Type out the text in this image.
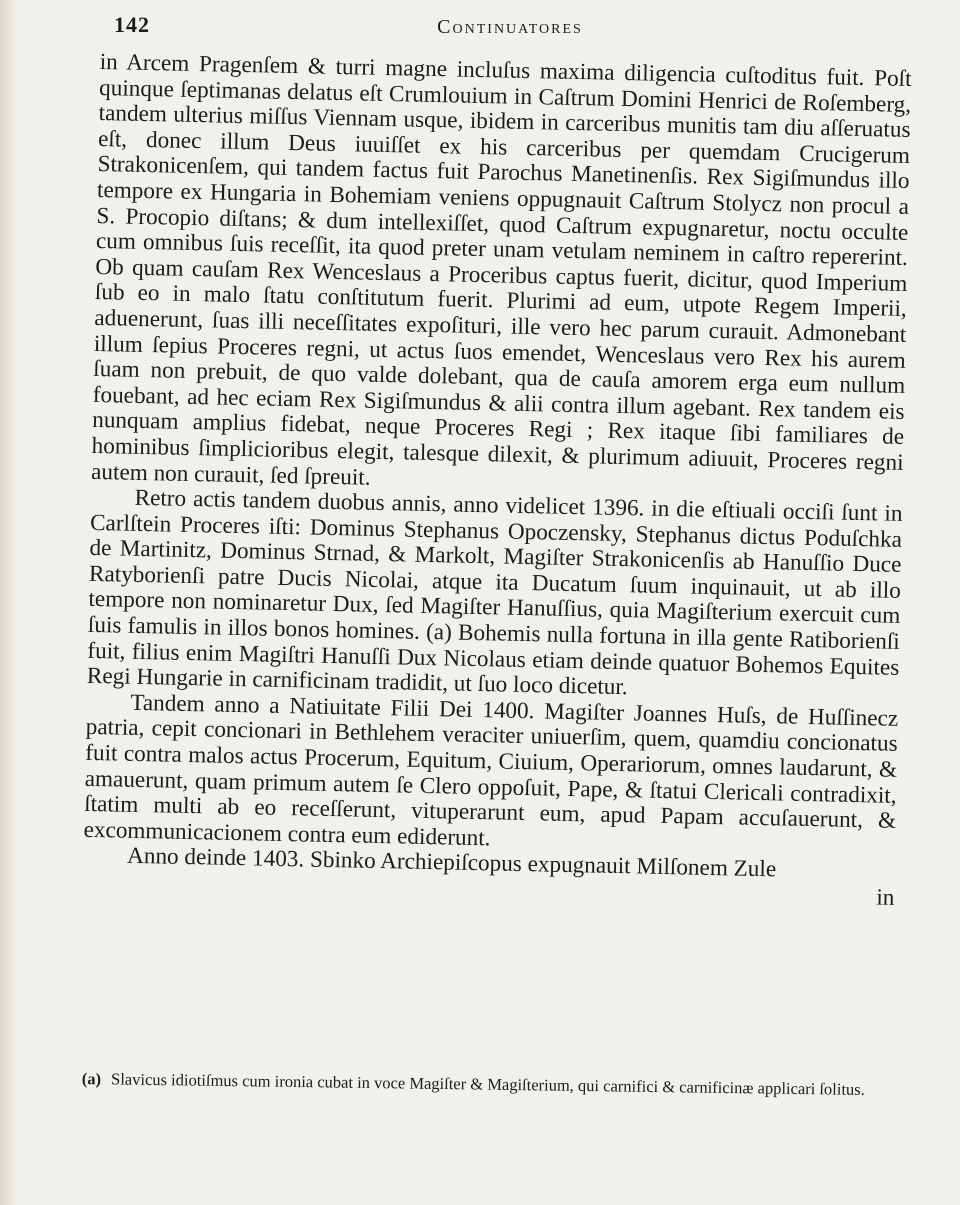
142	Continuatores

in Arcem Pragenſem & turri magne incluſus maxima diligencia cuſtoditus fuit. Poſt quinque ſeptimanas delatus eſt Crumlouium in Caſtrum Domini Henrici de Roſemberg, tandem ulterius miſſus Viennam usque, ibidem in carceribus munitis tam diu aſſeruatus eſt, donec illum Deus iuuiſſet ex his carceribus per quemdam Crucigerum Strakonicenſem, qui tandem factus fuit Parochus Manetinenſis. Rex Sigiſmundus illo tempore ex Hungaria in Bohemiam veniens oppugnauit Caſtrum Stolycz non procul a S. Procopio diſtans; & dum intellexiſſet, quod Caſtrum expugnaretur, noctu occulte cum omnibus ſuis receſſit, ita quod preter unam vetulam neminem in caſtro repererint. Ob quam cauſam Rex Wenceslaus a Proceribus captus fuerit, dicitur, quod Imperium ſub eo in malo ſtatu conſtitutum fuerit. Plurimi ad eum, utpote Regem Imperii, aduenerunt, ſuas illi neceſſitates expoſituri, ille vero hec parum curauit. Admonebant illum ſepius Proceres regni, ut actus ſuos emendet, Wenceslaus vero Rex his aurem ſuam non prebuit, de quo valde dolebant, qua de cauſa amorem erga eum nullum fouebant, ad hec eciam Rex Sigiſmundus & alii contra illum agebant. Rex tandem eis nunquam amplius fidebat, neque Proceres Regi ; Rex itaque ſibi familiares de hominibus ſimplicioribus elegit, talesque dilexit, & plurimum adiuuit, Proceres regni autem non curauit, ſed ſpreuit.

Retro actis tandem duobus annis, anno videlicet 1396. in die eſtiuali occiſi ſunt in Carlſtein Proceres iſti: Dominus Stephanus Opoczensky, Stephanus dictus Poduſchka de Martinitz, Dominus Strnad, & Markolt, Magiſter Strakonicenſis ab Hanuſſio Duce Ratyborienſi patre Ducis Nicolai, atque ita Ducatum ſuum inquinauit, ut ab illo tempore non nominaretur Dux, ſed Magiſter Hanuſſius, quia Magiſterium exercuit cum ſuis famulis in illos bonos homines. (a) Bohemis nulla fortuna in illa gente Ratiborienſi fuit, filius enim Magiſtri Hanuſſi Dux Nicolaus etiam deinde quatuor Bohemos Equites Regi Hungarie in carnificinam tradidit, ut ſuo loco dicetur.

Tandem anno a Natiuitate Filii Dei 1400. Magiſter Joannes Huſs, de Huſſinecz patria, cepit concionari in Bethlehem veraciter uniuerſim, quem, quamdiu concionatus fuit contra malos actus Procerum, Equitum, Ciuium, Operariorum, omnes laudarunt, & amauerunt, quam primum autem ſe Clero oppoſuit, Pape, & ſtatui Clericali contradixit, ſtatim multi ab eo receſſerunt, vituperarunt eum, apud Papam accuſauerunt, & excommunicacionem contra eum ediderunt.

Anno deinde 1403. Sbinko Archiepiſcopus expugnauit Milſonem Zule

in

(a) Slavicus idiotiſmus cum ironia cubat in voce Magiſter & Magiſterium, qui carnifici & carnificinæ applicari ſolitus.
